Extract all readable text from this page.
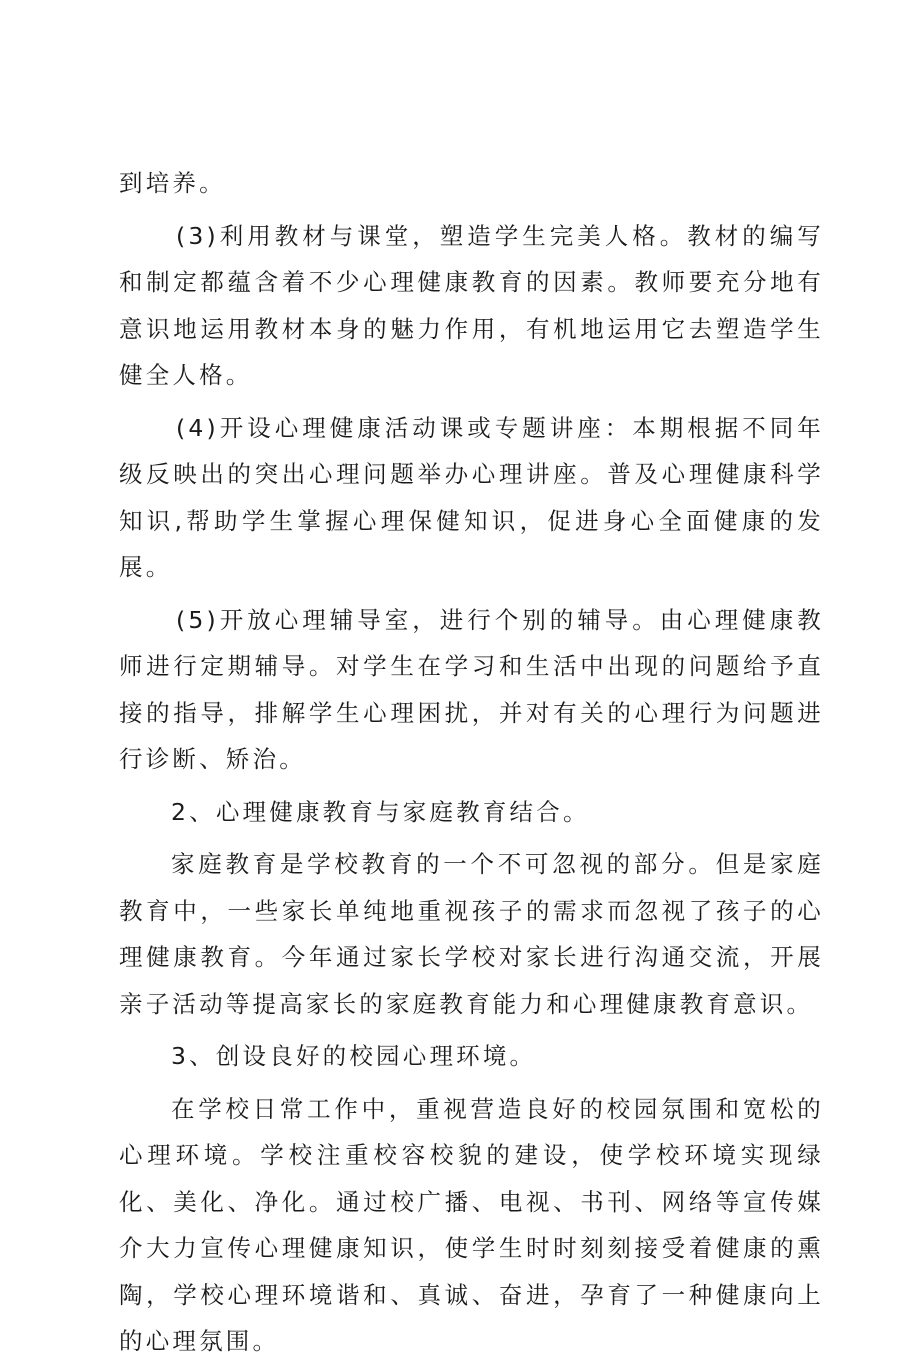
到培养。

(3)利用教材与课堂，塑造学生完美人格。教材的编写和制定都蕴含着不少心理健康教育的因素。教师要充分地有意识地运用教材本身的魅力作用，有机地运用它去塑造学生健全人格。

(4)开设心理健康活动课或专题讲座：本期根据不同年级反映出的突出心理问题举办心理讲座。普及心理健康科学知识,帮助学生掌握心理保健知识，促进身心全面健康的发展。

(5)开放心理辅导室，进行个别的辅导。由心理健康教师进行定期辅导。对学生在学习和生活中出现的问题给予直接的指导，排解学生心理困扰，并对有关的心理行为问题进行诊断、矫治。

2、心理健康教育与家庭教育结合。

家庭教育是学校教育的一个不可忽视的部分。但是家庭教育中，一些家长单纯地重视孩子的需求而忽视了孩子的心理健康教育。今年通过家长学校对家长进行沟通交流，开展亲子活动等提高家长的家庭教育能力和心理健康教育意识。

3、创设良好的校园心理环境。

在学校日常工作中，重视营造良好的校园氛围和宽松的心理环境。学校注重校容校貌的建设，使学校环境实现绿化、美化、净化。通过校广播、电视、书刊、网络等宣传媒介大力宣传心理健康知识，使学生时时刻刻接受着健康的熏陶，学校心理环境谐和、真诚、奋进，孕育了一种健康向上的心理氛围。
